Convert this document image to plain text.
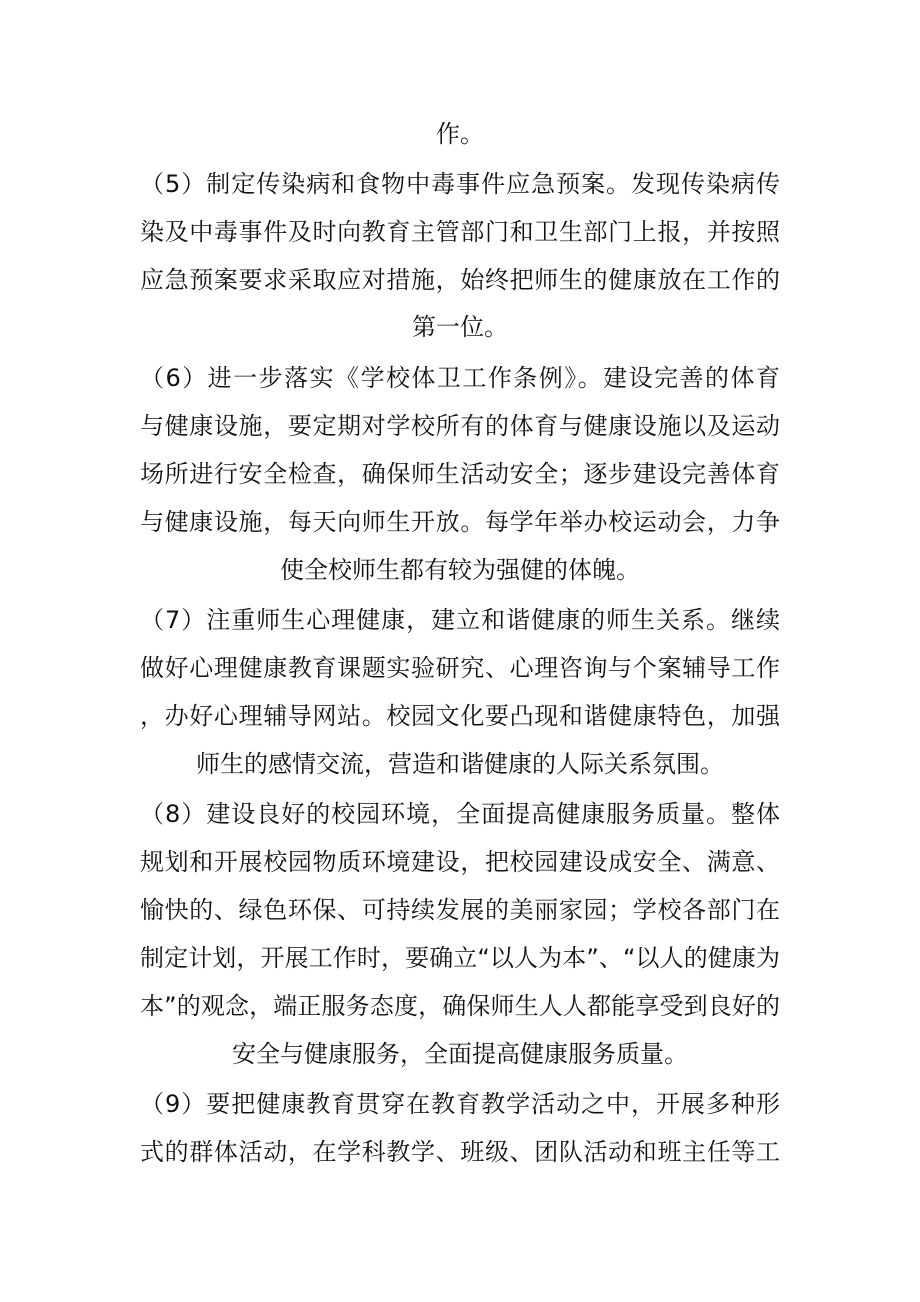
作。
（5）制定传染病和食物中毒事件应急预案。发现传染病传
染及中毒事件及时向教育主管部门和卫生部门上报，并按照
应急预案要求采取应对措施，始终把师生的健康放在工作的
第一位。
（6）进一步落实《学校体卫工作条例》。建设完善的体育
与健康设施，要定期对学校所有的体育与健康设施以及运动
场所进行安全检查，确保师生活动安全；逐步建设完善体育
与健康设施，每天向师生开放。每学年举办校运动会，力争
使全校师生都有较为强健的体魄。
（7）注重师生心理健康，建立和谐健康的师生关系。继续
做好心理健康教育课题实验研究、心理咨询与个案辅导工作
，办好心理辅导网站。校园文化要凸现和谐健康特色，加强
师生的感情交流，营造和谐健康的人际关系氛围。
（8）建设良好的校园环境，全面提高健康服务质量。整体
规划和开展校园物质环境建设，把校园建设成安全、满意、
愉快的、绿色环保、可持续发展的美丽家园；学校各部门在
制定计划，开展工作时，要确立“以人为本”、“以人的健康为
本”的观念，端正服务态度，确保师生人人都能享受到良好的
安全与健康服务，全面提高健康服务质量。
（9）要把健康教育贯穿在教育教学活动之中，开展多种形
式的群体活动，在学科教学、班级、团队活动和班主任等工
